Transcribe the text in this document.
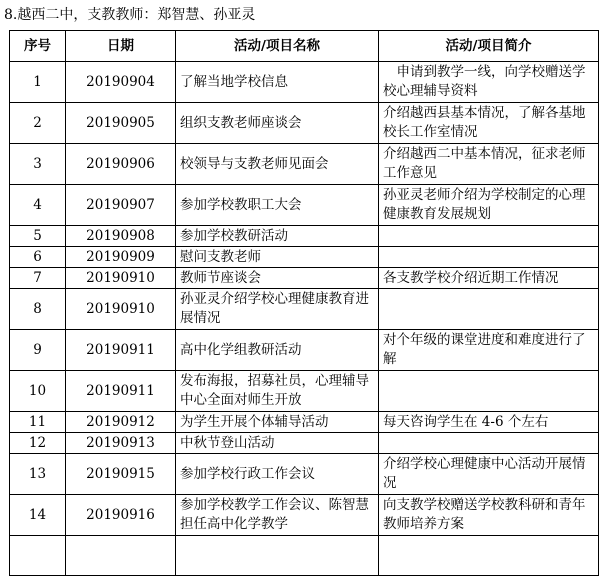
8.越西二中，支教教师：郑智慧、孙亚灵
序号	日期	活动/项目名称	活动/项目简介
1	20190904	了解当地学校信息	　申请到教学一线，向学校赠送学校心理辅导资料
2	20190905	组织支教老师座谈会	介绍越西县基本情况，了解各基地校长工作室情况
3	20190906	校领导与支教老师见面会	介绍越西二中基本情况，征求老师工作意见
4	20190907	参加学校教职工大会	孙亚灵老师介绍为学校制定的心理健康教育发展规划
5	20190908	参加学校教研活动	
6	20190909	慰问支教老师	
7	20190910	教师节座谈会	各支教学校介绍近期工作情况
8	20190910	孙亚灵介绍学校心理健康教育进展情况	
9	20190911	高中化学组教研活动	对个年级的课堂进度和难度进行了解
10	20190911	发布海报，招募社员，心理辅导中心全面对师生开放	
11	20190912	为学生开展个体辅导活动	每天咨询学生在 4-6 个左右
12	20190913	中秋节登山活动	
13	20190915	参加学校行政工作会议	介绍学校心理健康中心活动开展情况
14	20190916	参加学校教学工作会议、陈智慧担任高中化学教学	向支教学校赠送学校教科研和青年教师培养方案
